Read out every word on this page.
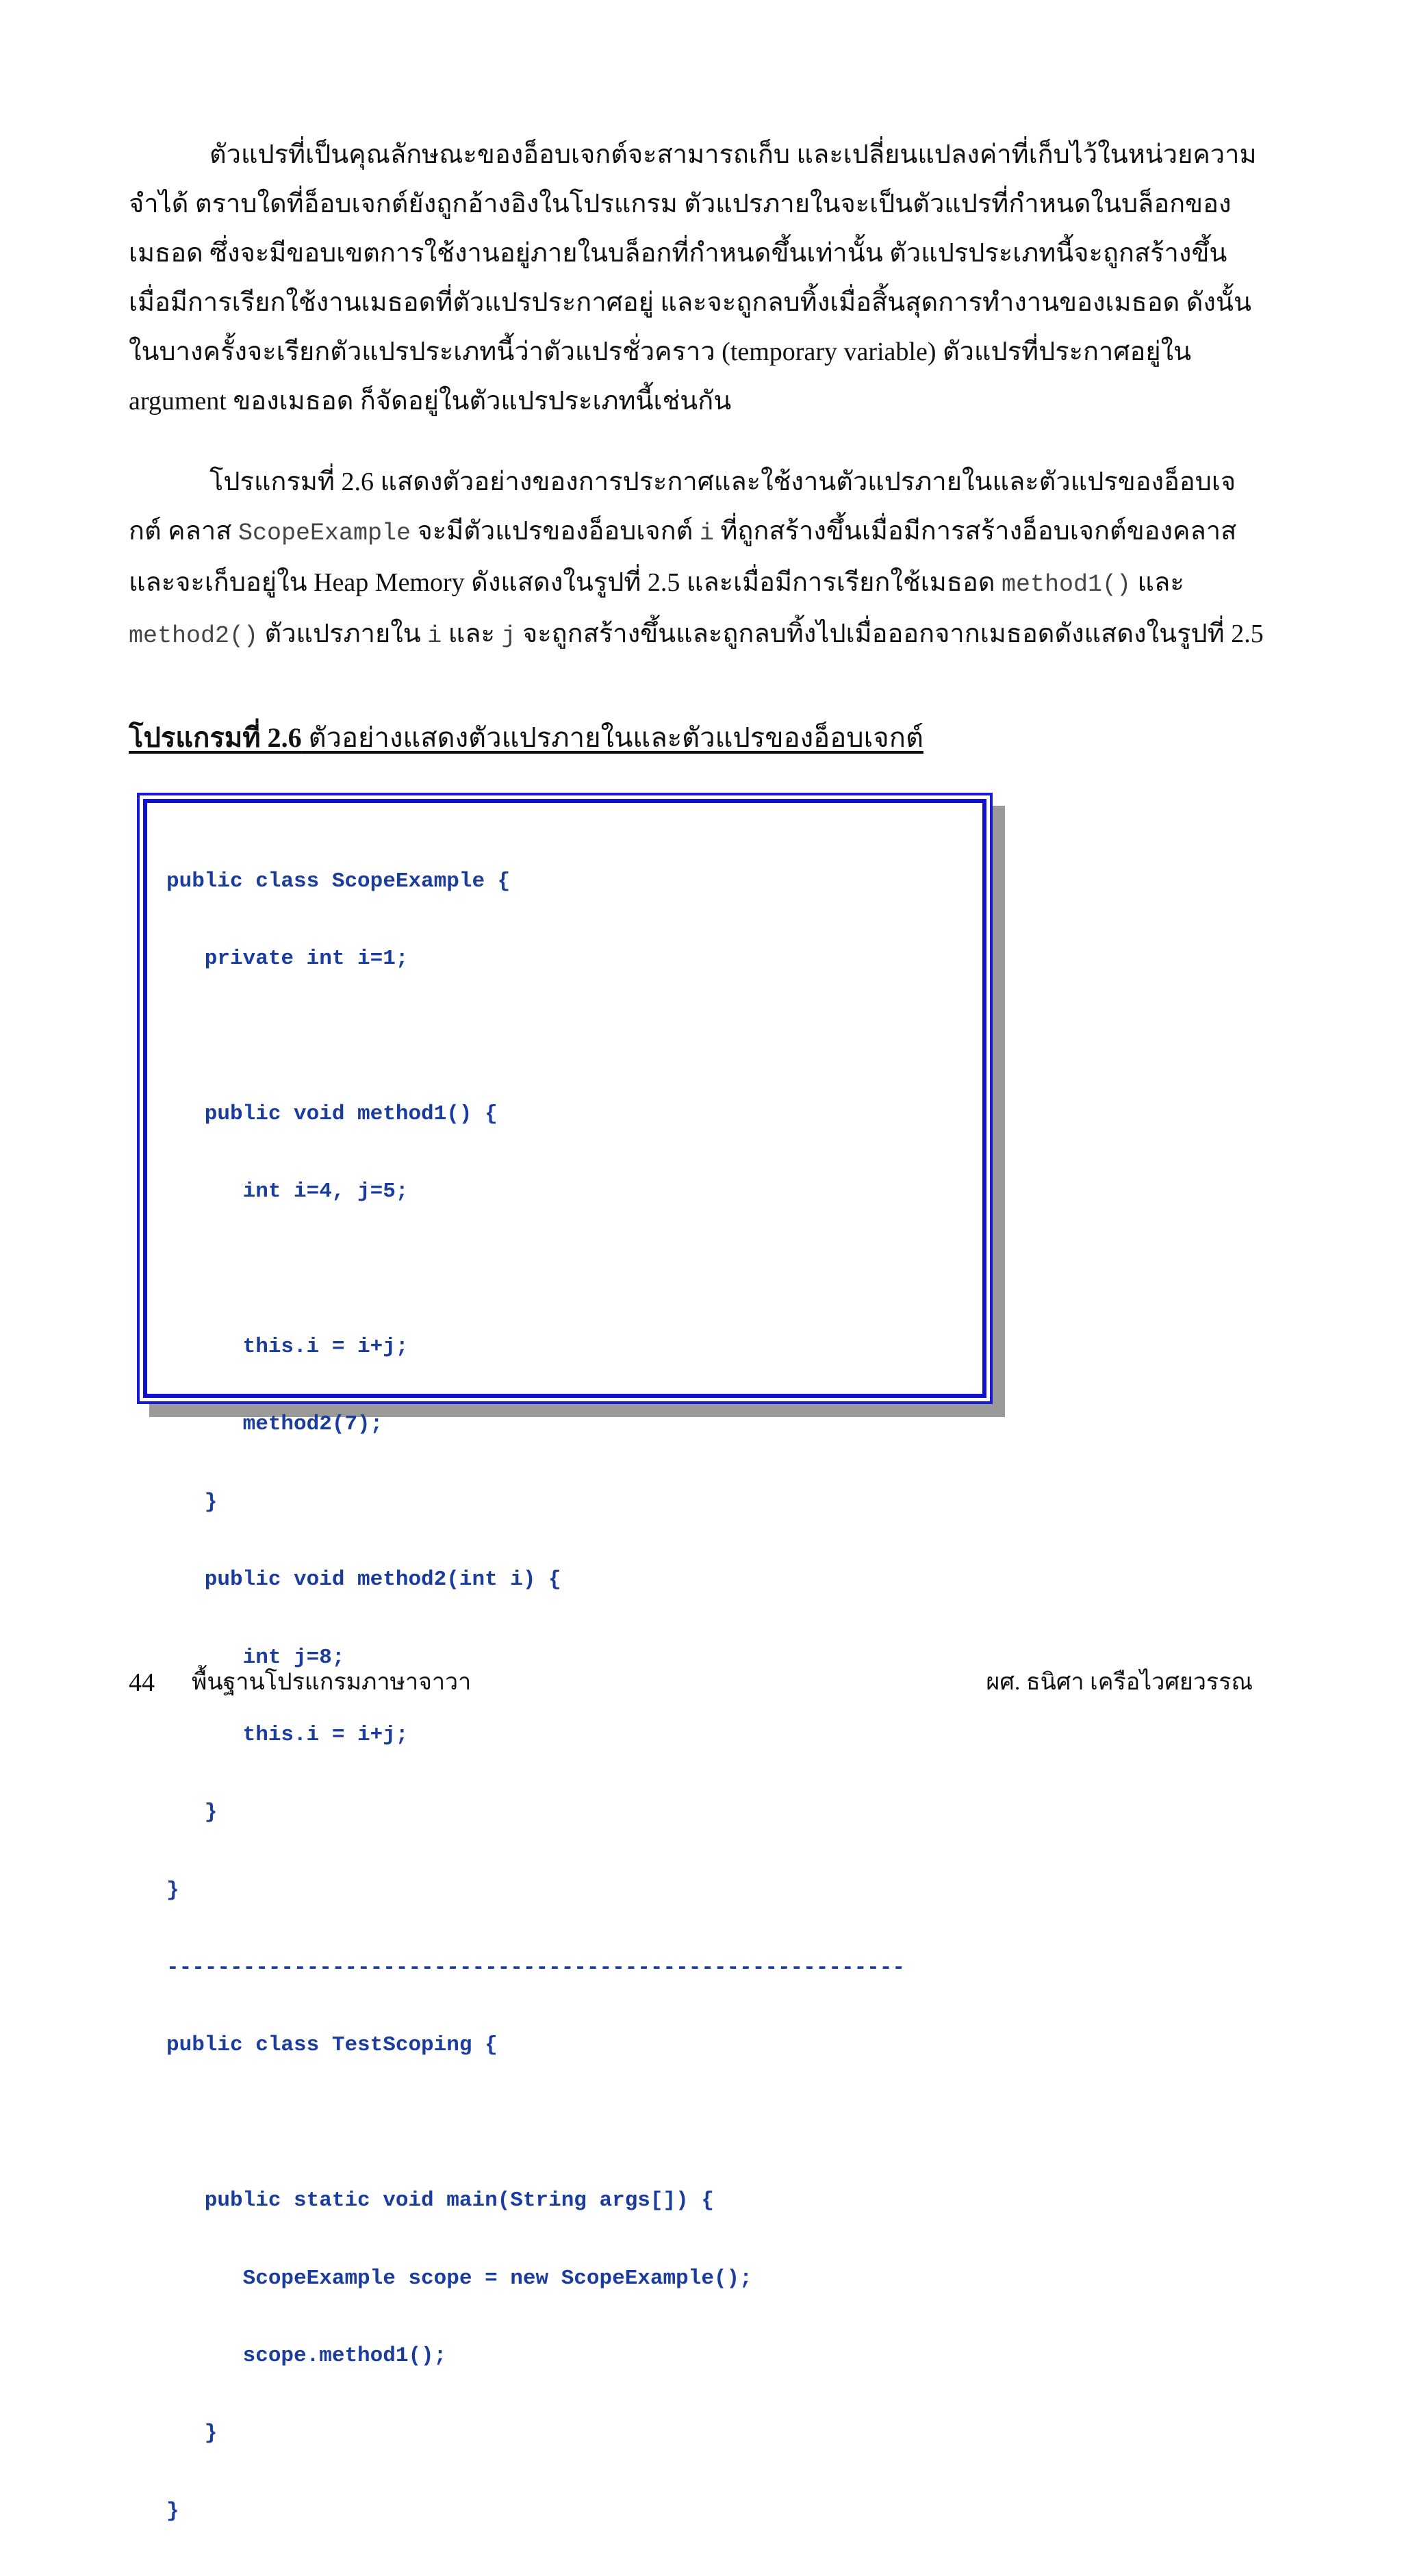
ตัวแปรที่เป็นคุณลักษณะของอ็อบเจกต์จะสามารถเก็บ และเปลี่ยนแปลงค่าที่เก็บไว้ในหน่วยความจำได้ ตราบใดที่อ็อบเจกต์ยังถูกอ้างอิงในโปรแกรม ตัวแปรภายในจะเป็นตัวแปรที่กำหนดในบล็อกของเมธอด ซึ่งจะมีขอบเขตการใช้งานอยู่ภายในบล็อกที่กำหนดขึ้นเท่านั้น ตัวแปรประเภทนี้จะถูกสร้างขึ้นเมื่อมีการเรียกใช้งานเมธอดที่ตัวแปรประกาศอยู่ และจะถูกลบทิ้งเมื่อสิ้นสุดการทำงานของเมธอด ดังนั้นในบางครั้งจะเรียกตัวแปรประเภทนี้ว่าตัวแปรชั่วคราว (temporary variable) ตัวแปรที่ประกาศอยู่ใน argument ของเมธอด ก็จัดอยู่ในตัวแปรประเภทนี้เช่นกัน

โปรแกรมที่ 2.6 แสดงตัวอย่างของการประกาศและใช้งานตัวแปรภายในและตัวแปรของอ็อบเจกต์ คลาส ScopeExample จะมีตัวแปรของอ็อบเจกต์ i ที่ถูกสร้างขึ้นเมื่อมีการสร้างอ็อบเจกต์ของคลาสและจะเก็บอยู่ใน Heap Memory ดังแสดงในรูปที่ 2.5 และเมื่อมีการเรียกใช้เมธอด method1() และ method2() ตัวแปรภายใน i และ j จะถูกสร้างขึ้นและถูกลบทิ้งไปเมื่อออกจากเมธอดดังแสดงในรูปที่ 2.5

โปรแกรมที่ 2.6 ตัวอย่างแสดงตัวแปรภายในและตัวแปรของอ็อบเจกต์

public class ScopeExample {

private int i=1;

public void method1() {

int i=4, j=5;

this.i = i+j;

method2(7);

}

public void method2(int i) {

int j=8;

this.i = i+j;

}

}

----------------------------------------------------------

public class TestScoping {

public static void main(String args[]) {

ScopeExample scope = new ScopeExample();

scope.method1();

}

}

44 พื้นฐานโปรแกรมภาษาจาวา	ผศ. ธนิศา เครือไวศยวรรณ
